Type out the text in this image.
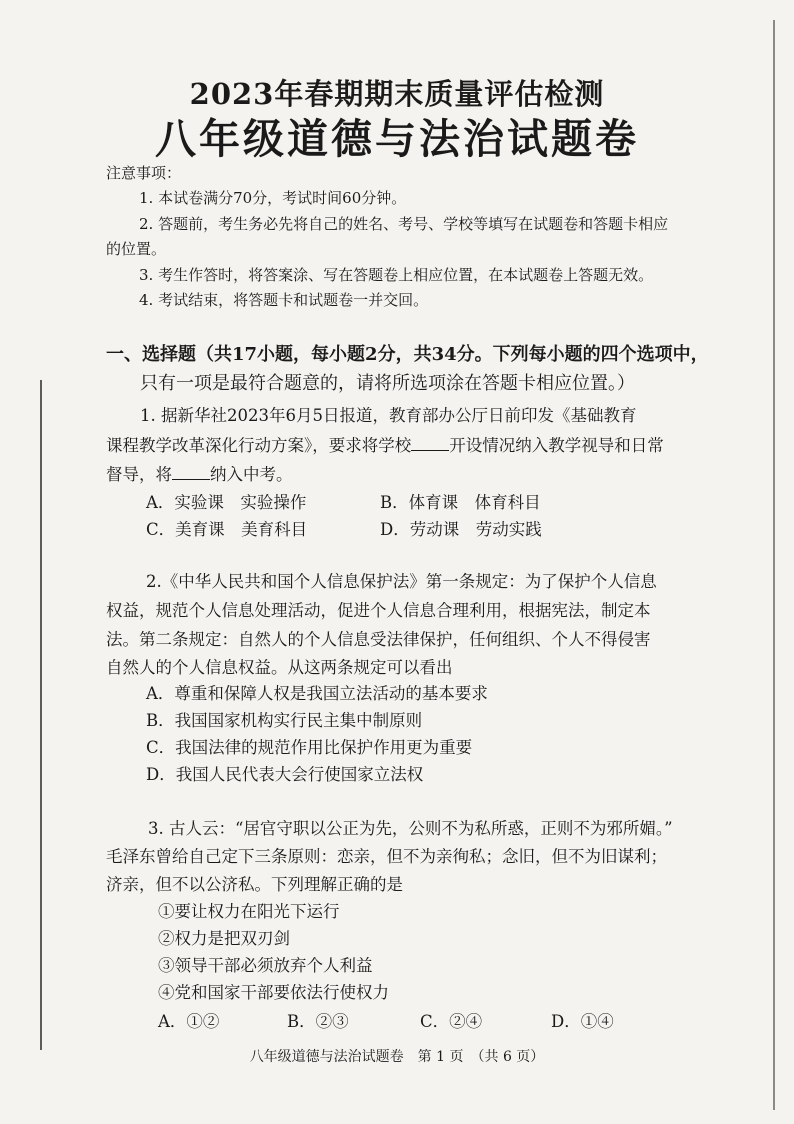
2023年春期期末质量评估检测
八年级道德与法治试题卷
注意事项：
1. 本试卷满分70分，考试时间60分钟。
2. 答题前，考生务必先将自己的姓名、考号、学校等填写在试题卷和答题卡相应
的位置。
3. 考生作答时，将答案涂、写在答题卷上相应位置，在本试题卷上答题无效。
4. 考试结束，将答题卡和试题卷一并交回。
一、选择题（共17小题，每小题2分，共34分。下列每小题的四个选项中，
只有一项是最符合题意的，请将所选项涂在答题卡相应位置。）
1. 据新华社2023年6月5日报道，教育部办公厅日前印发《基础教育
课程教学改革深化行动方案》，要求将学校 开设情况纳入教学视导和日常
督导，将 纳入中考。
A．实验课　实验操作	B．体育课　体育科目
C．美育课　美育科目	D．劳动课　劳动实践
2.《中华人民共和国个人信息保护法》第一条规定：为了保护个人信息
权益，规范个人信息处理活动，促进个人信息合理利用，根据宪法，制定本
法。第二条规定：自然人的个人信息受法律保护，任何组织、个人不得侵害
自然人的个人信息权益。从这两条规定可以看出
A．尊重和保障人权是我国立法活动的基本要求
B．我国国家机构实行民主集中制原则
C．我国法律的规范作用比保护作用更为重要
D．我国人民代表大会行使国家立法权
3. 古人云：“居官守职以公正为先，公则不为私所惑，正则不为邪所媚。”
毛泽东曾给自己定下三条原则：恋亲，但不为亲徇私；念旧，但不为旧谋利；
济亲，但不以公济私。下列理解正确的是
①要让权力在阳光下运行
②权力是把双刃剑
③领导干部必须放弃个人利益
④党和国家干部要依法行使权力
A．①②	B．②③	C．②④	D．①④
八年级道德与法治试题卷　第 1 页　（共 6 页）
